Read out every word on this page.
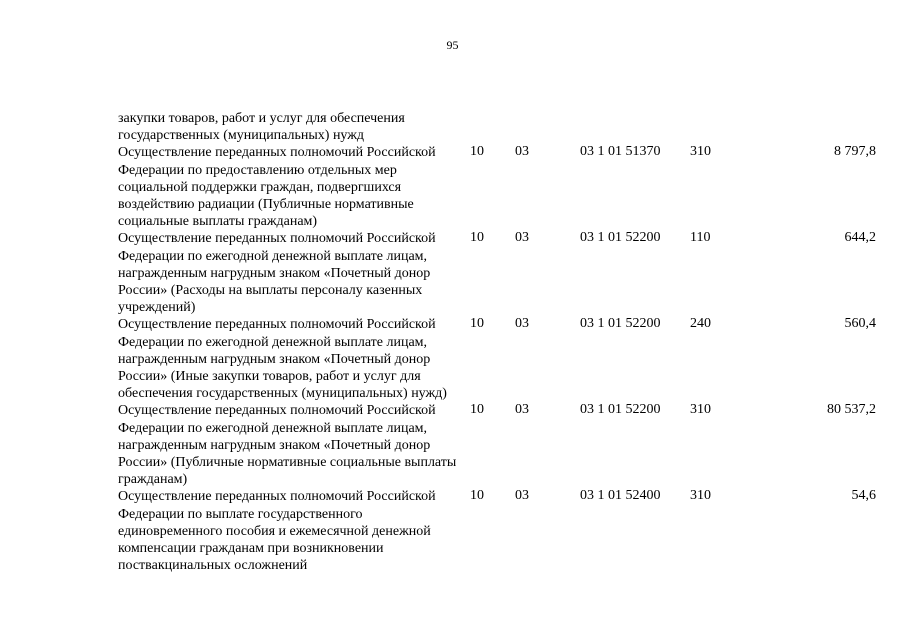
95
закупки товаров, работ и услуг для обеспечения государственных (муниципальных) нужд
Осуществление переданных полномочий Российской Федерации по предоставлению отдельных мер социальной поддержки граждан, подвергшихся воздействию радиации (Публичные нормативные социальные выплаты гражданам)
10 03	03 1 01 51370 310	8 797,8
Осуществление переданных полномочий Российской Федерации по ежегодной денежной выплате лицам, награжденным нагрудным знаком «Почетный донор России» (Расходы на выплаты персоналу казенных учреждений)
10 03	03 1 01 52200 110	644,2
Осуществление переданных полномочий Российской Федерации по ежегодной денежной выплате лицам, награжденным нагрудным знаком «Почетный донор России» (Иные закупки товаров, работ и услуг для обеспечения государственных (муниципальных) нужд)
10 03	03 1 01 52200 240	560,4
Осуществление переданных полномочий Российской Федерации по ежегодной денежной выплате лицам, награжденным нагрудным знаком «Почетный донор России» (Публичные нормативные социальные выплаты гражданам)
10 03	03 1 01 52200 310	80 537,2
Осуществление переданных полномочий Российской Федерации по выплате государственного единовременного пособия и ежемесячной денежной компенсации гражданам при возникновении поствакцинальных осложнений
10 03	03 1 01 52400 310	54,6
